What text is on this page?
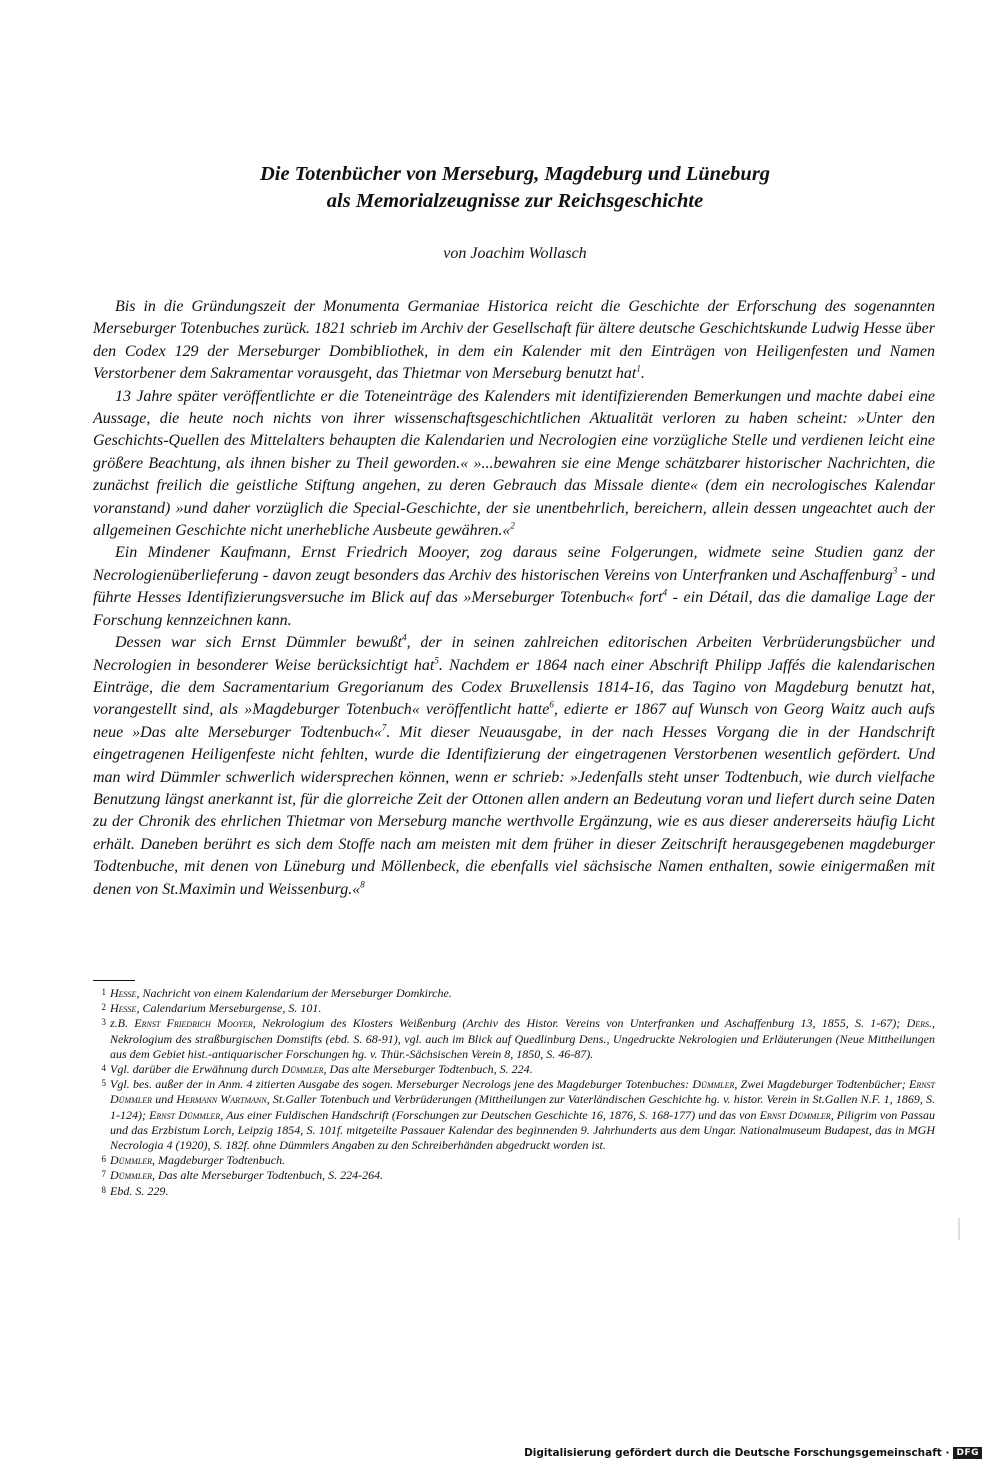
Die Totenbücher von Merseburg, Magdeburg und Lüneburg
als Memorialzeugnisse zur Reichsgeschichte
von Joachim Wollasch

Bis in die Gründungszeit der Monumenta Germaniae Historica reicht die Geschichte der Erforschung des sogenannten Merseburger Totenbuches zurück. 1821 schrieb im Archiv der Gesellschaft für ältere deutsche Geschichtskunde Ludwig Hesse über den Codex 129 der Merseburger Dombibliothek, in dem ein Kalender mit den Einträgen von Heiligenfesten und Namen Verstorbener dem Sakramentar vorausgeht, das Thietmar von Merseburg benutzt hat$^1$.

13 Jahre später veröffentlichte er die Toteneinträge des Kalenders mit identifizierenden Bemerkungen und machte dabei eine Aussage, die heute noch nichts von ihrer wissenschaftsgeschichtlichen Aktualität verloren zu haben scheint: »Unter den Geschichts-Quellen des Mittelalters behaupten die Kalendarien und Necrologien eine vorzügliche Stelle und verdienen leicht eine größere Beachtung, als ihnen bisher zu Theil geworden.« »...bewahren sie eine Menge schätzbarer historischer Nachrichten, die zunächst freilich die geistliche Stiftung angehen, zu deren Gebrauch das Missale diente« (dem ein necrologisches Kalendar voranstand) »und daher vorzüglich die Special-Geschichte, der sie unentbehrlich, bereichern, allein dessen ungeachtet auch der allgemeinen Geschichte nicht unerhebliche Ausbeute gewähren.«$^2$

Ein Mindener Kaufmann, Ernst Friedrich Mooyer, zog daraus seine Folgerungen, widmete seine Studien ganz der Necrologienüberlieferung - davon zeugt besonders das Archiv des historischen Vereins von Unterfranken und Aschaffenburg$^3$ - und führte Hesses Identifizierungsversuche im Blick auf das »Merseburger Totenbuch« fort$^4$ - ein Détail, das die damalige Lage der Forschung kennzeichnen kann.

Dessen war sich Ernst Dümmler bewußt$^4$, der in seinen zahlreichen editorischen Arbeiten Verbrüderungsbücher und Necrologien in besonderer Weise berücksichtigt hat$^5$. Nachdem er 1864 nach einer Abschrift Philipp Jaffés die kalendarischen Einträge, die dem Sacramentarium Gregorianum des Codex Bruxellensis 1814-16, das Tagino von Magdeburg benutzt hat, vorangestellt sind, als »Magdeburger Totenbuch« veröffentlicht hatte$^6$, edierte er 1867 auf Wunsch von Georg Waitz auch aufs neue »Das alte Merseburger Todtenbuch«$^7$. Mit dieser Neuausgabe, in der nach Hesses Vorgang die in der Handschrift eingetragenen Heiligenfeste nicht fehlten, wurde die Identifizierung der eingetragenen Verstorbenen wesentlich gefördert. Und man wird Dümmler schwerlich widersprechen können, wenn er schrieb: »Jedenfalls steht unser Todtenbuch, wie durch vielfache Benutzung längst anerkannt ist, für die glorreiche Zeit der Ottonen allen andern an Bedeutung voran und liefert durch seine Daten zu der Chronik des ehrlichen Thietmar von Merseburg manche werthvolle Ergänzung, wie es aus dieser andererseits häufig Licht erhält. Daneben berührt es sich dem Stoffe nach am meisten mit dem früher in dieser Zeitschrift herausgegebenen magdeburger Todtenbuche, mit denen von Lüneburg und Möllenbeck, die ebenfalls viel sächsische Namen enthalten, sowie einigermaßen mit denen von St.Maximin und Weissenburg.«$^8$

1 Hesse, Nachricht von einem Kalendarium der Merseburger Domkirche.
2 Hesse, Calendarium Merseburgense, S. 101.
3 z.B. Ernst Friedrich Mooyer, Nekrologium des Klosters Weißenburg (Archiv des Histor. Vereins von Unterfranken und Aschaffenburg 13, 1855, S. 1-67); Ders., Nekrologium des straßburgischen Domstifts (ebd. S. 68-91), vgl. auch im Blick auf Quedlinburg Dens., Ungedruckte Nekrologien und Erläuterungen (Neue Mittheilungen aus dem Gebiet hist.-antiquarischer Forschungen hg. v. Thür.-Sächsischen Verein 8, 1850, S. 46-87).
4 Vgl. darüber die Erwähnung durch Dümmler, Das alte Merseburger Todtenbuch, S. 224.
5 Vgl. bes. außer der in Anm. 4 zitierten Ausgabe des sogen. Merseburger Necrologs jene des Magdeburger Totenbuches: Dümmler, Zwei Magdeburger Todtenbücher; Ernst Dümmler und Hermann Wartmann, St.Galler Totenbuch und Verbrüderungen (Mittheilungen zur Vaterländischen Geschichte hg. v. histor. Verein in St.Gallen N.F. 1, 1869, S. 1-124); Ernst Dümmler, Aus einer Fuldischen Handschrift (Forschungen zur Deutschen Geschichte 16, 1876, S. 168-177) und das von Ernst Dümmler, Piligrim von Passau und das Erzbistum Lorch, Leipzig 1854, S. 101f. mitgeteilte Passauer Kalendar des beginnenden 9. Jahrhunderts aus dem Ungar. Nationalmuseum Budapest, das in MGH Necrologia 4 (1920), S. 182f. ohne Dümmlers Angaben zu den Schreiberhänden abgedruckt worden ist.
6 Dümmler, Magdeburger Todtenbuch.
7 Dümmler, Das alte Merseburger Todtenbuch, S. 224-264.
8 Ebd. S. 229.
Digitalisierung gefördert durch die Deutsche Forschungsgemeinschaft · DFG
